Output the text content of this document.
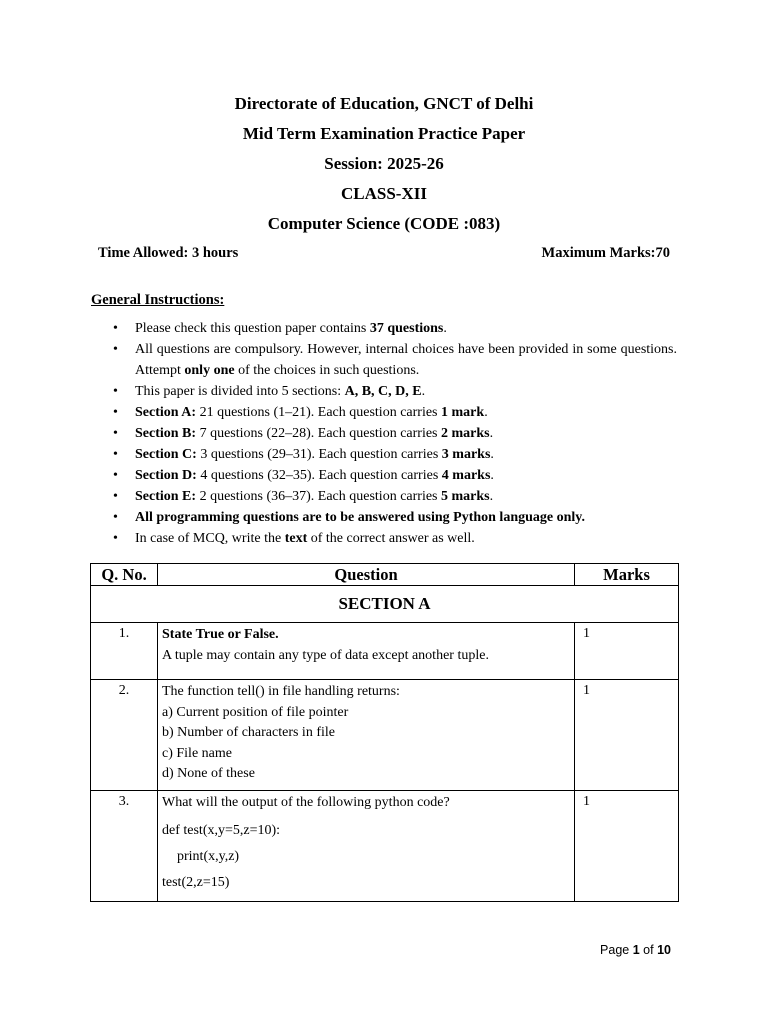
Directorate of Education, GNCT of Delhi
Mid Term Examination Practice Paper
Session: 2025-26
CLASS-XII
Computer Science (CODE :083)
Time Allowed: 3 hours	Maximum Marks:70
General Instructions:
• Please check this question paper contains 37 questions.
• All questions are compulsory. However, internal choices have been provided in some questions. Attempt only one of the choices in such questions.
• This paper is divided into 5 sections: A, B, C, D, E.
• Section A: 21 questions (1–21). Each question carries 1 mark.
• Section B: 7 questions (22–28). Each question carries 2 marks.
• Section C: 3 questions (29–31). Each question carries 3 marks.
• Section D: 4 questions (32–35). Each question carries 4 marks.
• Section E: 2 questions (36–37). Each question carries 5 marks.
• All programming questions are to be answered using Python language only.
• In case of MCQ, write the text of the correct answer as well.
Q. No.	Question	Marks
SECTION A		
1.	State True or False.
A tuple may contain any type of data except another tuple.	1
2.	The function tell() in file handling returns:
a) Current position of file pointer
b) Number of characters in file
c) File name
d) None of these	1
3.	What will the output of the following python code?
def test(x,y=5,z=10):
print(x,y,z)
test(2,z=15)	1
Page 1 of 10
